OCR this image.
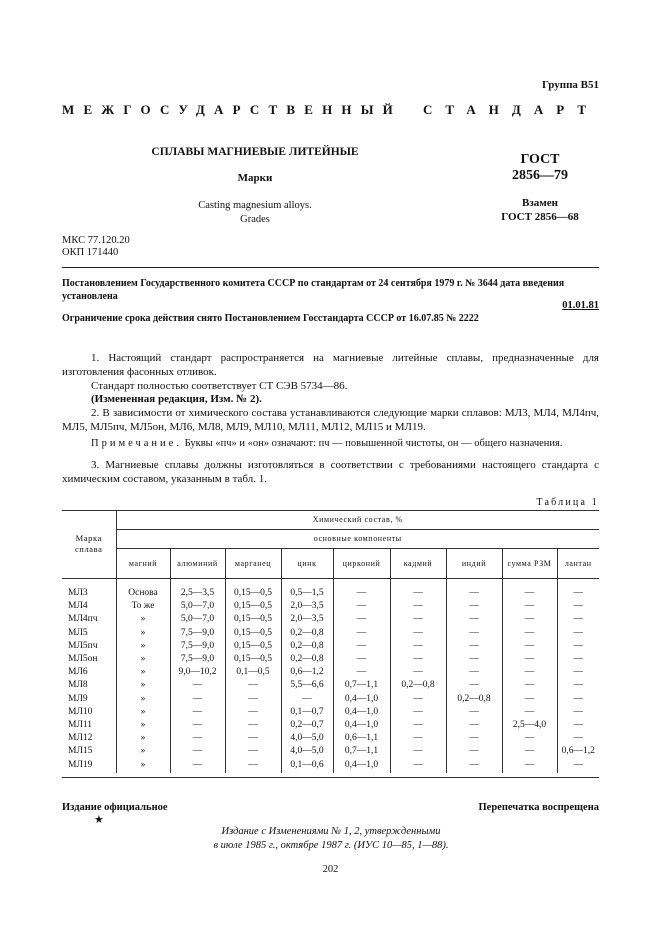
Группа В51
МЕЖГОСУДАРСТВЕННЫЙ СТАНДАРТ
СПЛАВЫ МАГНИЕВЫЕ ЛИТЕЙНЫЕ
Марки
Casting magnesium alloys.
Grades
ГОСТ
2856—79
Взамен
ГОСТ 2856—68
МКС 77.120.20
ОКП 171440
Постановлением Государственного комитета СССР по стандартам от 24 сентября 1979 г. № 3644 дата введения установлена
01.01.81
Ограничение срока действия снято Постановлением Госстандарта СССР от 16.07.85 № 2222
1. Настоящий стандарт распространяется на магниевые литейные сплавы, предназначенные для изготовления фасонных отливок.
Стандарт полностью соответствует СТ СЭВ 5734—86.
(Измененная редакция, Изм. № 2).
2. В зависимости от химического состава устанавливаются следующие марки сплавов: МЛ3, МЛ4, МЛ4пч, МЛ5, МЛ5пч, МЛ5он, МЛ6, МЛ8, МЛ9, МЛ10, МЛ11, МЛ12, МЛ15 и МЛ19.
Примечание. Буквы «пч» и «он» означают: пч — повышенной чистоты, он — общего назначения.
3. Магниевые сплавы должны изготовляться в соответствии с требованиями настоящего стандарта с химическим составом, указанным в табл. 1.
Таблица 1
Марка
сплава	Химический состав, %								
	основные компоненты								
	магний	алюминий	марганец	цинк	цирконий	кадмий	индий	сумма РЗМ	лантан
МЛ3	Основа	2,5—3,5	0,15—0,5	0,5—1,5	—	—	—	—	—
МЛ4	То же	5,0—7,0	0,15—0,5	2,0—3,5	—	—	—	—	—
МЛ4пч	»	5,0—7,0	0,15—0,5	2,0—3,5	—	—	—	—	—
МЛ5	»	7,5—9,0	0,15—0,5	0,2—0,8	—	—	—	—	—
МЛ5пч	»	7,5—9,0	0,15—0,5	0,2—0,8	—	—	—	—	—
МЛ5он	»	7,5—9,0	0,15—0,5	0,2—0,8	—	—	—	—	—
МЛ6	»	9,0—10,2	0,1—0,5	0,6—1,2	—	—	—	—	—
МЛ8	»	—	—	5,5—6,6	0,7—1,1	0,2—0,8	—	—	—
МЛ9	»	—	—	—	0,4—1,0	—	0,2—0,8	—	—
МЛ10	»	—	—	0,1—0,7	0,4—1,0	—	—	—	—
МЛ11	»	—	—	0,2—0,7	0,4—1,0	—	—	2,5—4,0	—
МЛ12	»	—	—	4,0—5,0	0,6—1,1	—	—	—	—
МЛ15	»	—	—	4,0—5,0	0,7—1,1	—	—	—	0,6—1,2
МЛ19	»	—	—	0,1—0,6	0,4—1,0	—	—	—	—
Издание официальное
★
Перепечатка воспрещена
Издание с Изменениями № 1, 2, утвержденными
в июле 1985 г., октябре 1987 г. (ИУС 10—85, 1—88).
202
